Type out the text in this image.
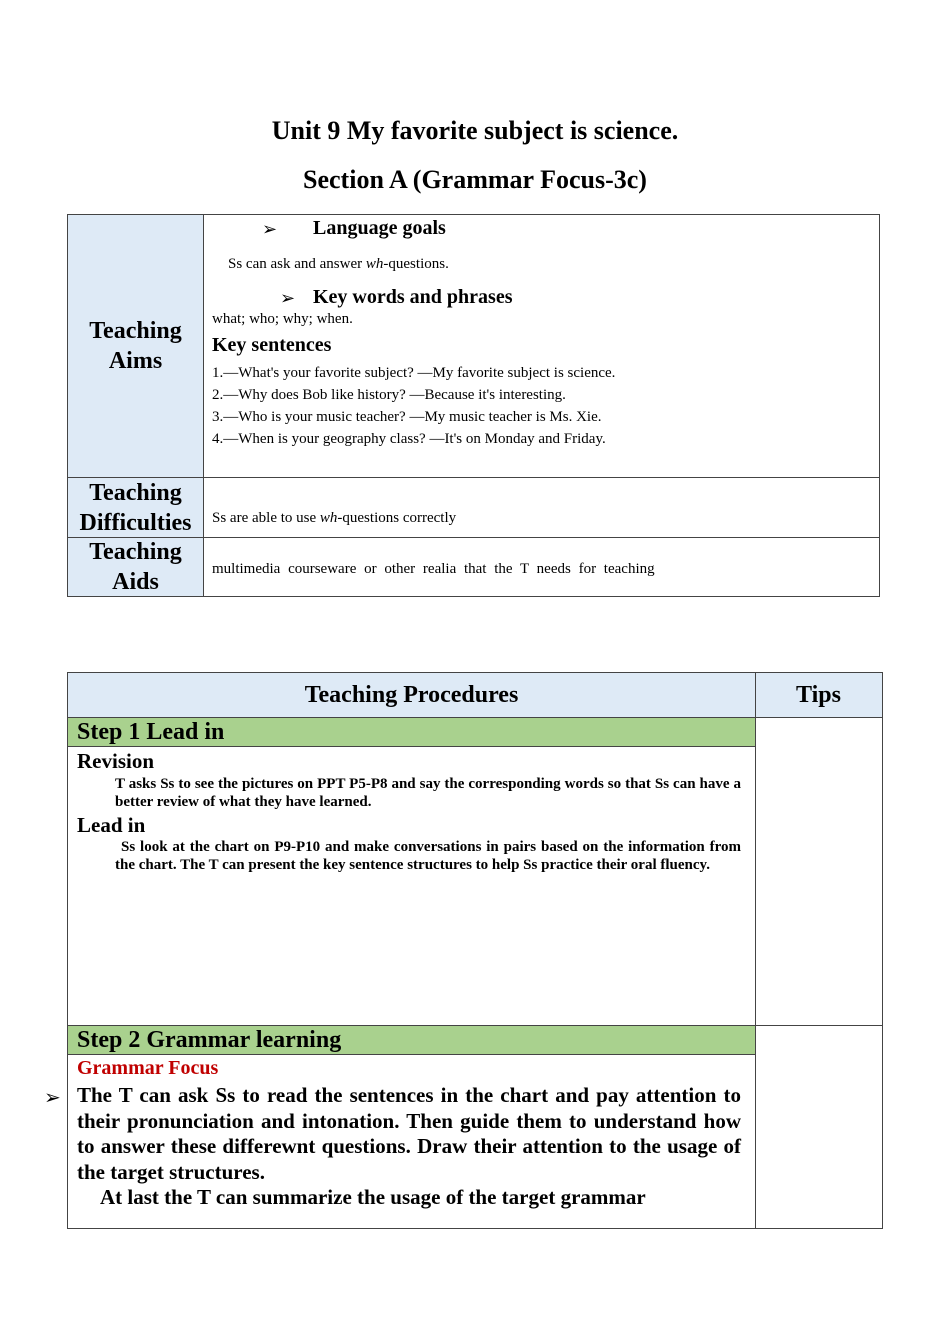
Unit 9 My favorite subject is science.
Section A (Grammar Focus-3c)
Teaching Aims
➢ Language goals
Ss can ask and answer wh-questions.
➢ Key words and phrases
what; who; why; when.
Key sentences
1.—What's your favorite subject? —My favorite subject is science.
2.—Why does Bob like history? —Because it's interesting.
3.—Who is your music teacher? —My music teacher is Ms. Xie.
4.—When is your geography class? —It's on Monday and Friday.
Teaching
Difficulties Ss are able to use wh-questions correctly
Teaching
Aids	multimedia courseware or other realia that the T needs for teaching
Teaching Procedures	Tips
Step 1 Lead in
Revision
T asks Ss to see the pictures on PPT P5-P8 and say the corresponding words so that Ss can have a better review of what they have learned.
Lead in
Ss look at the chart on P9-P10 and make conversations in pairs based on the information from the chart. The T can present the key sentence structures to help Ss practice their oral fluency.
Step 2 Grammar learning
Grammar Focus
The T can ask Ss to read the sentences in the chart and pay attention to their pronunciation and intonation. Then guide them to understand how to answer these differewnt questions. Draw their attention to the usage of the target structures.
At last the T can summarize the usage of the target grammar
➢
